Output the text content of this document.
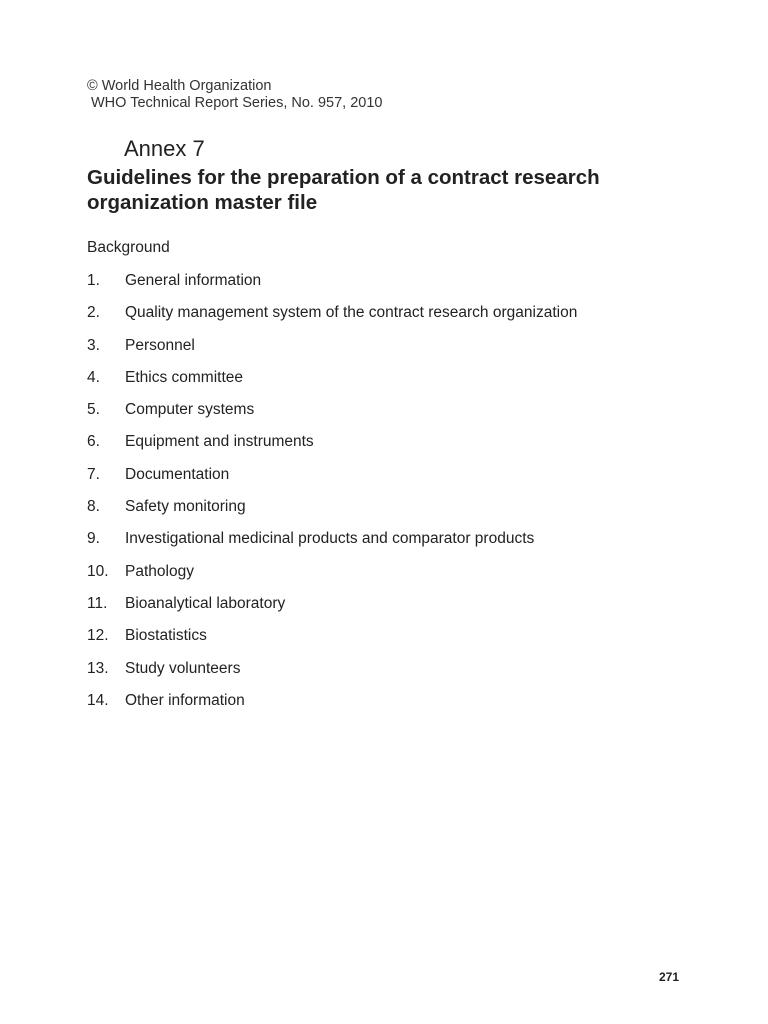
© World Health Organization
WHO Technical Report Series, No. 957, 2010
Annex 7
Guidelines for the preparation of a contract research organization master file
Background
1.	General information
2.	Quality management system of the contract research organization
3.	Personnel
4.	Ethics committee
5.	Computer systems
6.	Equipment and instruments
7.	Documentation
8.	Safety monitoring
9.	Investigational medicinal products and comparator products
10.	Pathology
11.	Bioanalytical laboratory
12.	Biostatistics
13.	Study volunteers
14.	Other information
271
